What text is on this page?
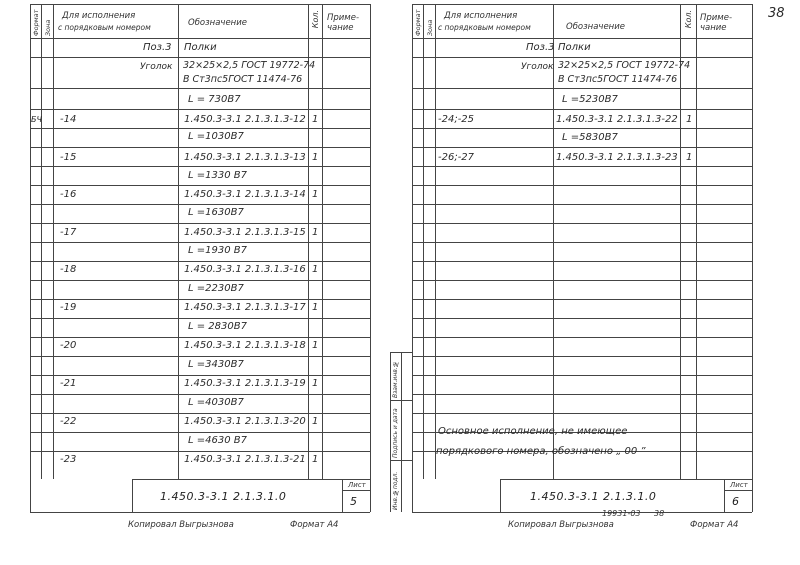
Формат Зона
Для исполнения
с порядковым номером	Обозначение	Кол. Приме-
чание
Поз.3 Полки
Уголок 32×25×2,5 ГОСТ 19772-74
В Ст3пс5ГОСТ 11474-76
L = 730В7
БЧ -14	1.450.3-3.1 2.1.3.1.3-12 1
L =1030В7
-15	1.450.3-3.1 2.1.3.1.3-13 1
L =1330 В7
-16	1.450.3-3.1 2.1.3.1.3-14 1
L =1630В7
-17	1.450.3-3.1 2.1.3.1.3-15 1
L =1930 В7
-18	1.450.3-3.1 2.1.3.1.3-16 1
L =2230В7
-19	1.450.3-3.1 2.1.3.1.3-17 1
L = 2830В7
-20	1.450.3-3.1 2.1.3.1.3-18 1
L =3430В7
-21	1.450.3-3.1 2.1.3.1.3-19 1
L =4030В7
-22	1.450.3-3.1 2.1.3.1.3-20 1
L =4630 В7
-23	1.450.3-3.1 2.1.3.1.3-21 1
1.450.3-3.1 2.1.3.1.0
Лист
5
Копировал Выгрызнова	Формат А4
38
Формат Зона
Для исполнения
с порядковым номером	Обозначение	Кол. Приме-
чание
Поз.3 Полки
Уголок 32×25×2,5 ГОСТ 19772-74
В Ст3пс5ГОСТ 11474-76
L =5230В7
-24;-25	1.450.3-3.1 2.1.3.1.3-22 1
L =5830В7
-26;-27	1.450.3-3.1 2.1.3.1.3-23 1
Основное исполнение, не имеющее
порядкового номера, обозначено „ 00 ”
Инв.№подл.
Подпись и дата
Взам.инв.№
1.450.3-3.1 2.1.3.1.0
Лист
6
19931-03 38
Копировал Выгрызнова	Формат А4
